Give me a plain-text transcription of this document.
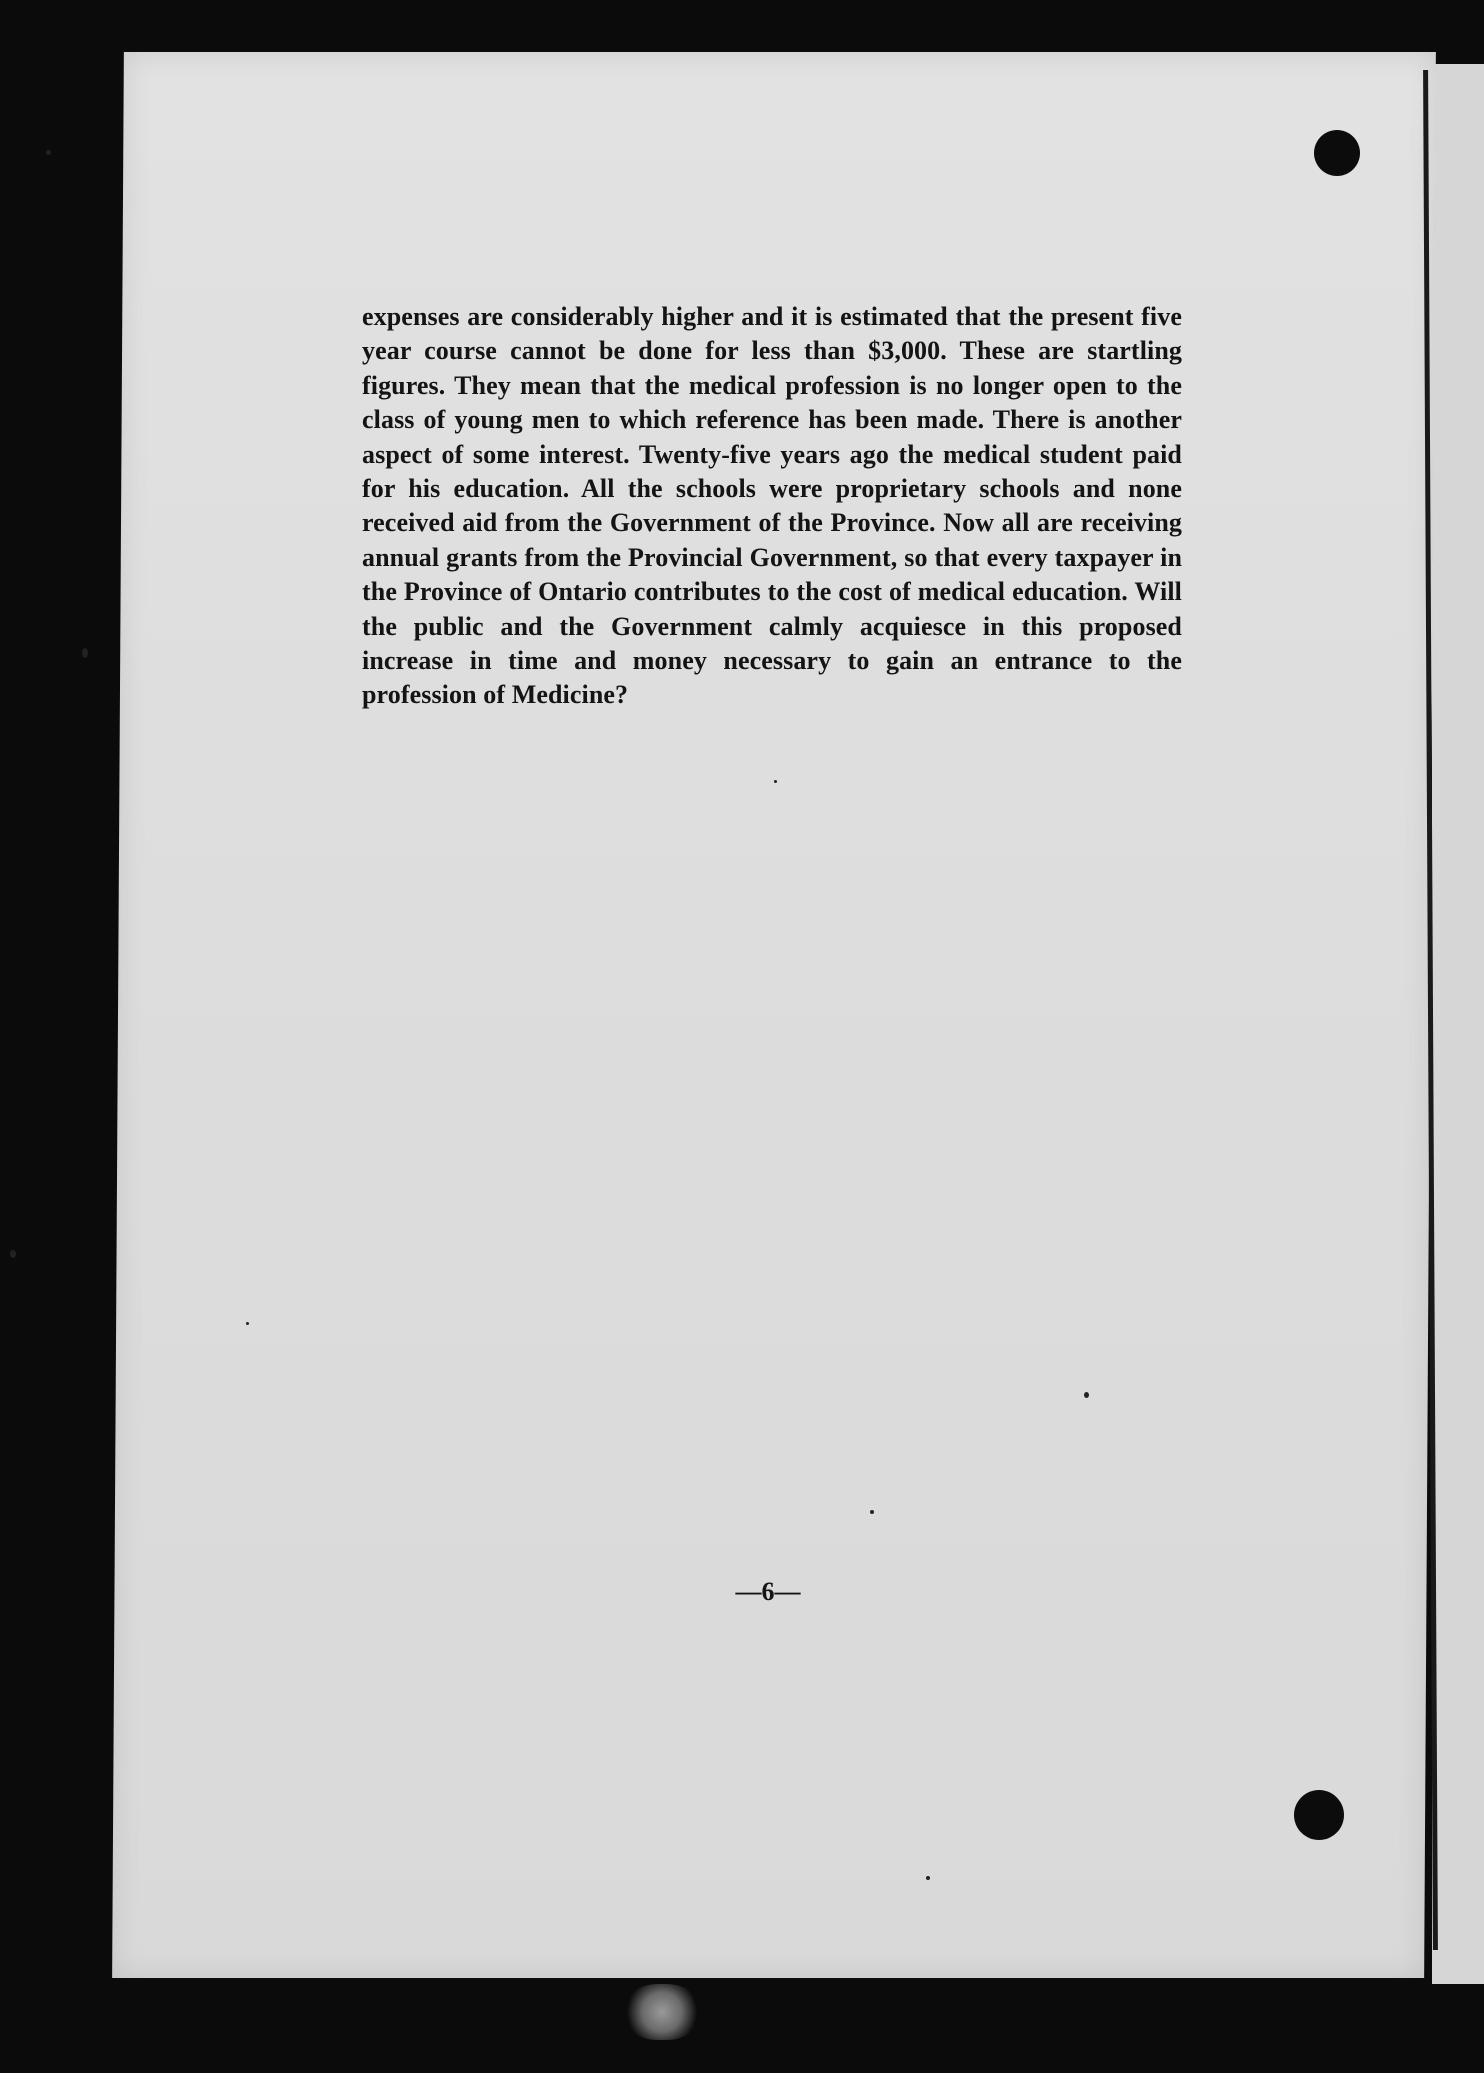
expenses are considerably higher and it is estimated that the present five year course cannot be done for less than $3,000. These are startling figures. They mean that the medical profession is no longer open to the class of young men to which reference has been made. There is another aspect of some interest. Twenty-five years ago the medical student paid for his education. All the schools were proprietary schools and none received aid from the Government of the Province. Now all are receiving annual grants from the Provincial Government, so that every taxpayer in the Province of Ontario contributes to the cost of medical education. Will the public and the Government calmly acquiesce in this proposed increase in time and money necessary to gain an entrance to the profession of Medicine?

—6—
